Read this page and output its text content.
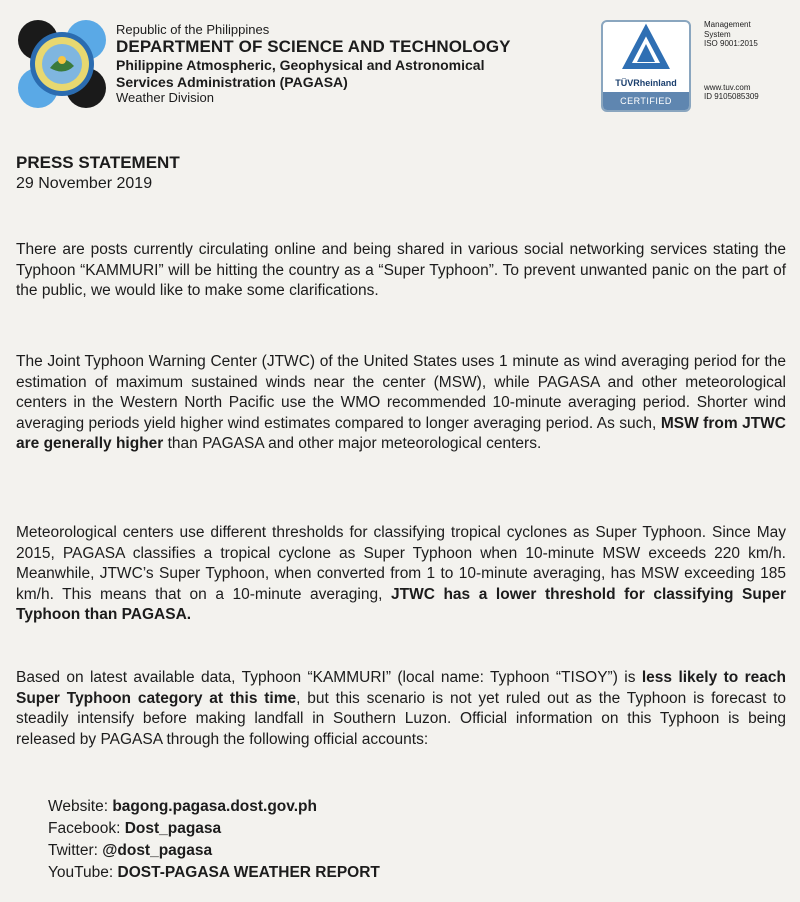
Republic of the Philippines
DEPARTMENT OF SCIENCE AND TECHNOLOGY
Philippine Atmospheric, Geophysical and Astronomical
Services Administration (PAGASA)
Weather Division
TÜVRheinland
CERTIFIED
Management
System
ISO 9001:2015
www.tuv.com
ID 9105085309
PRESS STATEMENT
29 November 2019
There are posts currently circulating online and being shared in various social networking services stating the Typhoon “KAMMURI” will be hitting the country as a “Super Typhoon”. To prevent unwanted panic on the part of the public, we would like to make some clarifications.
The Joint Typhoon Warning Center (JTWC) of the United States uses 1 minute as wind averaging period for the estimation of maximum sustained winds near the center (MSW), while PAGASA and other meteorological centers in the Western North Pacific use the WMO recommended 10-minute averaging period. Shorter wind averaging periods yield higher wind estimates compared to longer averaging period. As such, MSW from JTWC are generally higher than PAGASA and other major meteorological centers.
Meteorological centers use different thresholds for classifying tropical cyclones as Super Typhoon. Since May 2015, PAGASA classifies a tropical cyclone as Super Typhoon when 10-minute MSW exceeds 220 km/h. Meanwhile, JTWC’s Super Typhoon, when converted from 1 to 10-minute averaging, has MSW exceeding 185 km/h. This means that on a 10-minute averaging, JTWC has a lower threshold for classifying Super Typhoon than PAGASA.
Based on latest available data, Typhoon “KAMMURI” (local name: Typhoon “TISOY”) is less likely to reach Super Typhoon category at this time, but this scenario is not yet ruled out as the Typhoon is forecast to steadily intensify before making landfall in Southern Luzon. Official information on this Typhoon is being released by PAGASA through the following official accounts:
Website: bagong.pagasa.dost.gov.ph
Facebook: Dost_pagasa
Twitter: @dost_pagasa
YouTube: DOST-PAGASA WEATHER REPORT
